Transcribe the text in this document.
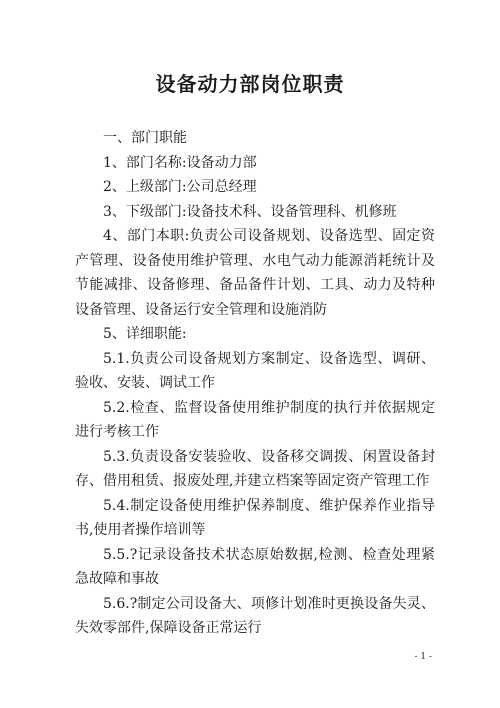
设备动力部岗位职责

一、部门职能

1、部门名称:设备动力部

2、上级部门:公司总经理

3、下级部门:设备技术科、设备管理科、机修班

4、部门本职:负责公司设备规划、设备选型、固定资产管理、设备使用维护管理、水电气动力能源消耗统计及节能减排、设备修理、备品备件计划、工具、动力及特种设备管理、设备运行安全管理和设施消防

5、详细职能:

5.1.负责公司设备规划方案制定、设备选型、调研、验收、安装、调试工作

5.2.检查、监督设备使用维护制度的执行并依据规定进行考核工作

5.3.负责设备安装验收、设备移交调拨、闲置设备封存、借用租赁、报废处理,并建立档案等固定资产管理工作

5.4.制定设备使用维护保养制度、维护保养作业指导书,使用者操作培训等

5.5.?记录设备技术状态原始数据,检测、检查处理紧急故障和事故

5.6.?制定公司设备大、项修计划准时更换设备失灵、失效零部件,保障设备正常运行

- 1 -
